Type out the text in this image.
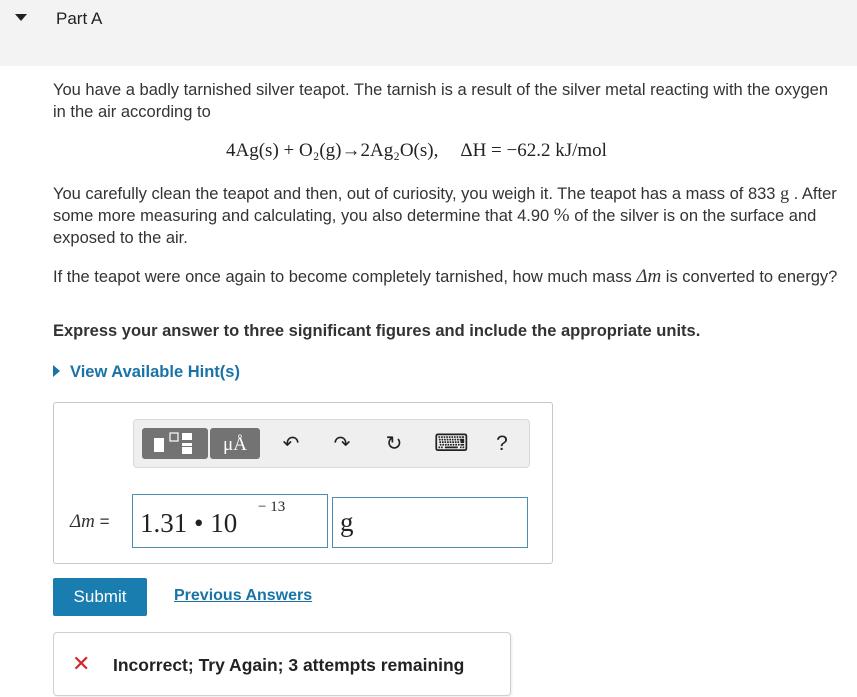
Part A
You have a badly tarnished silver teapot. The tarnish is a result of the silver metal reacting with the oxygen in the air according to
4Ag(s) + O₂(g)→2Ag₂O(s), ΔH = −62.2 kJ/mol
You carefully clean the teapot and then, out of curiosity, you weigh it. The teapot has a mass of 833 g . After some more measuring and calculating, you also determine that 4.90 % of the silver is on the surface and exposed to the air.
If the teapot were once again to become completely tarnished, how much mass Δm is converted to energy?
Express your answer to three significant figures and include the appropriate units.
View Available Hint(s)
μÅ	↶ ↷ ↻ ⌨	?
Δm = 1.31 • 10
− 13 g
Submit	Previous Answers
✕ Incorrect; Try Again; 3 attempts remaining
